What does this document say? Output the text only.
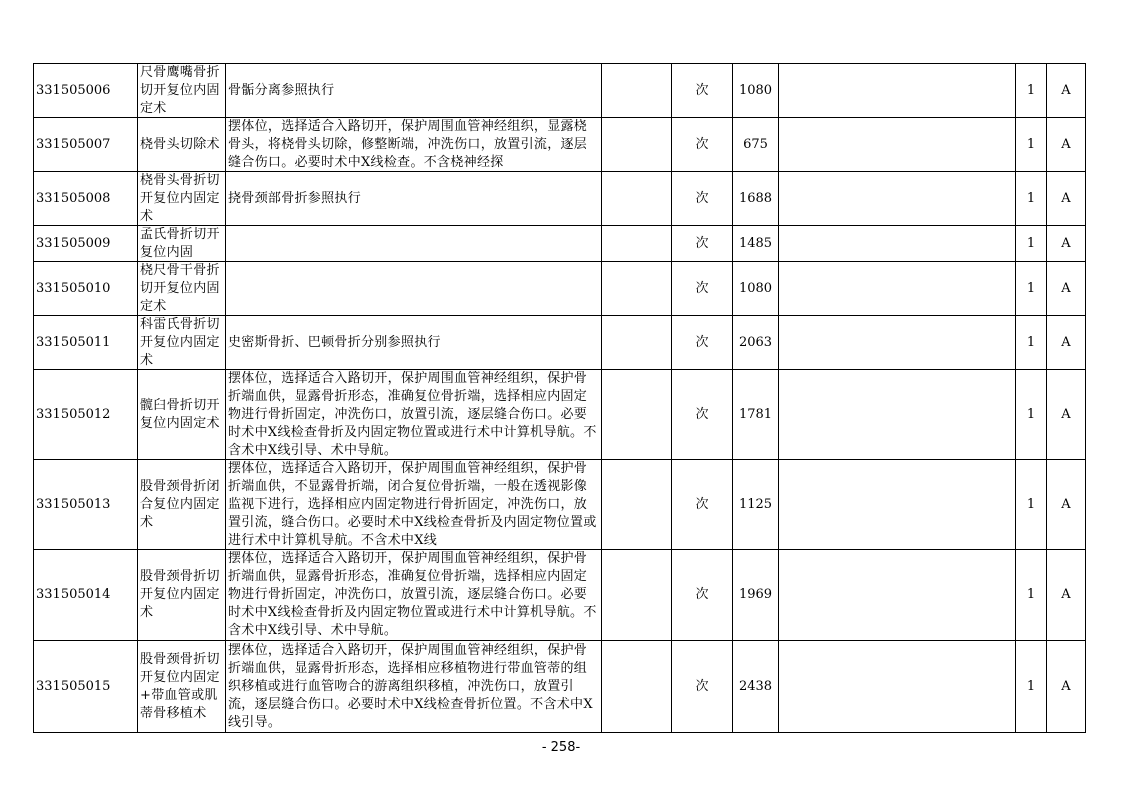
331505006	尺骨鹰嘴骨折切开复位内固定术	骨骺分离参照执行		次	1080		1	A

331505007	桡骨头切除术	摆体位，选择适合入路切开，保护周围血管神经组织，显露桡骨头，将桡骨头切除，修整断端，冲洗伤口，放置引流，逐层缝合伤口。必要时术中X线检查。不含桡神经探		次	675		1	A

331505008	桡骨头骨折切开复位内固定术	挠骨颈部骨折参照执行		次	1688		1	A

331505009	孟氏骨折切开复位内固			次	1485		1	A

331505010	桡尺骨干骨折切开复位内固定术			次	1080		1	A

331505011	科雷氏骨折切开复位内固定术	史密斯骨折、巴顿骨折分别参照执行		次	2063		1	A

331505012	髋臼骨折切开复位内固定术	摆体位，选择适合入路切开，保护周围血管神经组织，保护骨折端血供，显露骨折形态，准确复位骨折端，选择相应内固定物进行骨折固定，冲洗伤口，放置引流，逐层缝合伤口。必要时术中X线检查骨折及内固定物位置或进行术中计算机导航。不含术中X线引导、术中导航。		次	1781		1	A

331505013	股骨颈骨折闭合复位内固定术	摆体位，选择适合入路切开，保护周围血管神经组织，保护骨折端血供，不显露骨折端，闭合复位骨折端，一般在透视影像监视下进行，选择相应内固定物进行骨折固定，冲洗伤口，放置引流，缝合伤口。必要时术中X线检查骨折及内固定物位置或进行术中计算机导航。不含术中X线		次	1125		1	A

331505014	股骨颈骨折切开复位内固定术	摆体位，选择适合入路切开，保护周围血管神经组织，保护骨折端血供，显露骨折形态，准确复位骨折端，选择相应内固定物进行骨折固定，冲洗伤口，放置引流，逐层缝合伤口。必要时术中X线检查骨折及内固定物位置或进行术中计算机导航。不含术中X线引导、术中导航。		次	1969		1	A

331505015	股骨颈骨折切开复位内固定+带血管或肌蒂骨移植术	摆体位，选择适合入路切开，保护周围血管神经组织，保护骨折端血供，显露骨折形态，选择相应移植物进行带血管蒂的组织移植或进行血管吻合的游离组织移植，冲洗伤口，放置引流，逐层缝合伤口。必要时术中X线检查骨折位置。不含术中X线引导。		次	2438		1	A
- 258-
